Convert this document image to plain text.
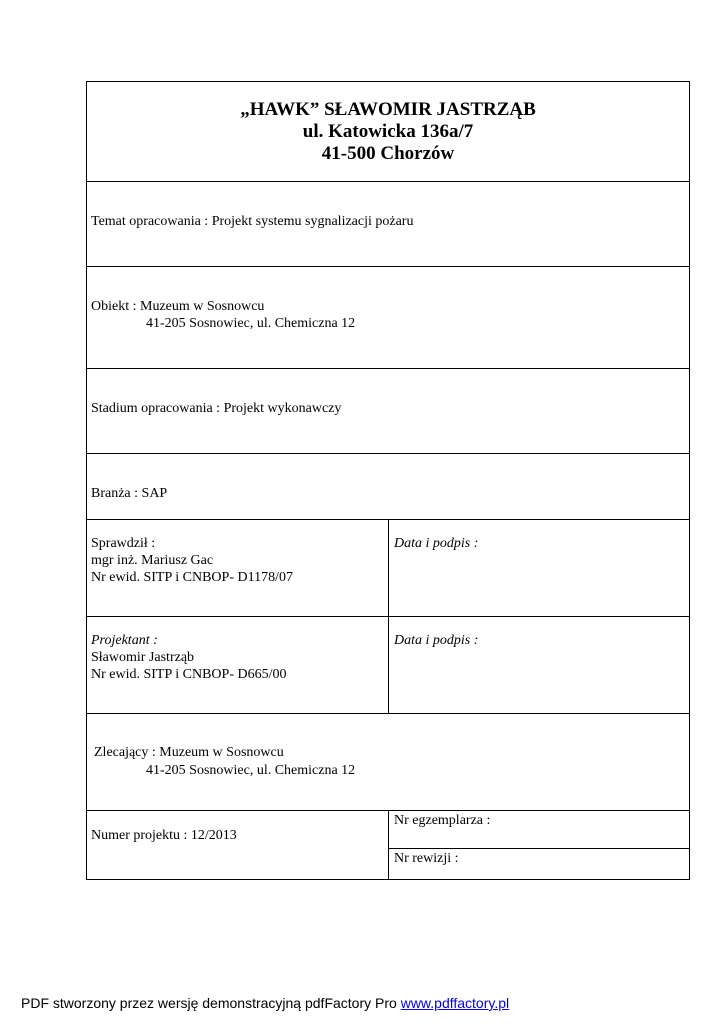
„HAWK” SŁAWOMIR JASTRZĄB
ul. Katowicka 136a/7
41-500 Chorzów
Temat opracowania : Projekt systemu sygnalizacji pożaru
Obiekt : Muzeum w Sosnowcu
41-205 Sosnowiec, ul. Chemiczna 12
Stadium opracowania : Projekt wykonawczy
Branża : SAP
Sprawdził :
mgr inż. Mariusz Gac
Nr ewid. SITP i CNBOP- D1178/07
Data i podpis :
Projektant :
Sławomir Jastrząb
Nr ewid. SITP i CNBOP- D665/00
Data i podpis :
Zlecający : Muzeum w Sosnowcu
41-205 Sosnowiec, ul. Chemiczna 12
Numer projektu : 12/2013
Nr egzemplarza :
Nr rewizji :
PDF stworzony przez wersję demonstracyjną pdfFactory Pro www.pdffactory.pl
